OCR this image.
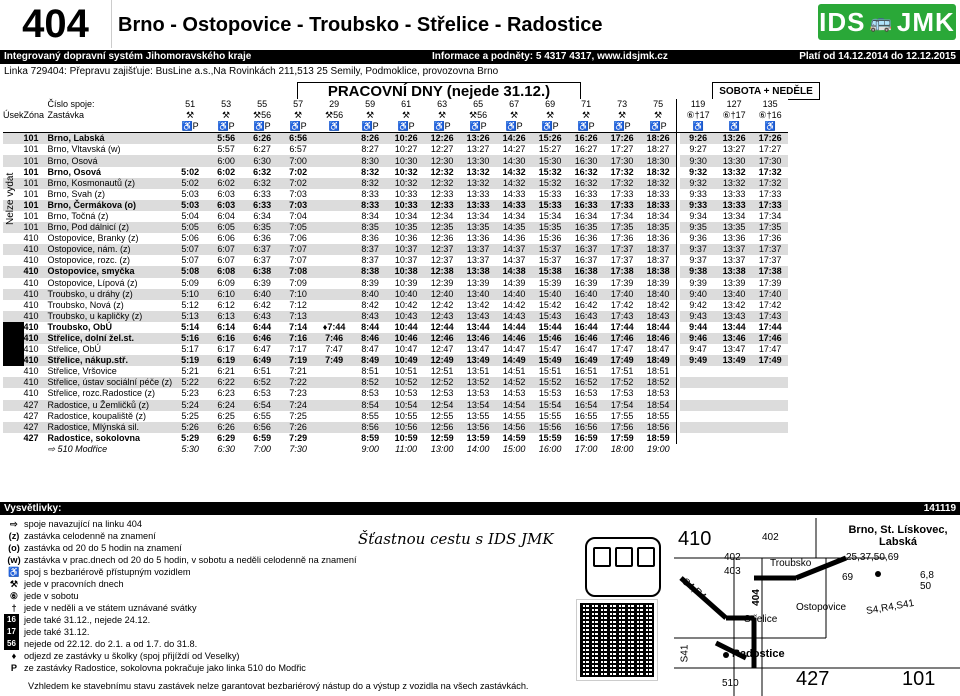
404	Brno - Ostopovice - Troubsko - Střelice - Radostice	IDS 🚌 JMK
Integrovaný dopravní systém Jihomoravského kraje	Informace a podněty: 5 4317 4317, www.idsjmk.cz	Platí od 14.12.2014 do 12.12.2015
Linka 729404: Přepravu zajišťuje: BusLine a.s.,Na Rovinkách 211,513 25 Semily, Podmoklice, provozovna Brno
PRACOVNÍ DNY (nejede 31.12.)	SOBOTA + NEDĚLE
		Číslo spoje:	51	53	55	57	29	59	61	63	65	67	69	71	73	75		119	127	135
Úsek	Zóna	Zastávka	⚒	⚒	⚒56	⚒	⚒56	⚒	⚒	⚒	⚒56	⚒	⚒	⚒	⚒	⚒		⑥†17	⑥†17	⑥†16
			♿P	♿P	♿P	♿P	♿	♿P	♿P	♿P	♿P	♿P	♿P	♿P	♿P	♿P		♿	♿	♿
	101	Brno, Labská		5:56	6:26	6:56		8:26	10:26	12:26	13:26	14:26	15:26	16:26	17:26	18:26		9:26	13:26	17:26
	101	Brno, Vltavská (w)		5:57	6:27	6:57		8:27	10:27	12:27	13:27	14:27	15:27	16:27	17:27	18:27		9:27	13:27	17:27
	101	Brno, Osová		6:00	6:30	7:00		8:30	10:30	12:30	13:30	14:30	15:30	16:30	17:30	18:30		9:30	13:30	17:30
	101	Brno, Osová	5:02	6:02	6:32	7:02		8:32	10:32	12:32	13:32	14:32	15:32	16:32	17:32	18:32		9:32	13:32	17:32
	101	Brno, Kosmonautů (z)	5:02	6:02	6:32	7:02		8:32	10:32	12:32	13:32	14:32	15:32	16:32	17:32	18:32		9:32	13:32	17:32
	101	Brno, Svah (z)	5:03	6:03	6:33	7:03		8:33	10:33	12:33	13:33	14:33	15:33	16:33	17:33	18:33		9:33	13:33	17:33
	101	Brno, Čermákova (o)	5:03	6:03	6:33	7:03		8:33	10:33	12:33	13:33	14:33	15:33	16:33	17:33	18:33		9:33	13:33	17:33
	101	Brno, Točná (z)	5:04	6:04	6:34	7:04		8:34	10:34	12:34	13:34	14:34	15:34	16:34	17:34	18:34		9:34	13:34	17:34
	101	Brno, Pod dálnicí (z)	5:05	6:05	6:35	7:05		8:35	10:35	12:35	13:35	14:35	15:35	16:35	17:35	18:35		9:35	13:35	17:35
	410	Ostopovice, Branky (z)	5:06	6:06	6:36	7:06		8:36	10:36	12:36	13:36	14:36	15:36	16:36	17:36	18:36		9:36	13:36	17:36
	410	Ostopovice, nám. (z)	5:07	6:07	6:37	7:07		8:37	10:37	12:37	13:37	14:37	15:37	16:37	17:37	18:37		9:37	13:37	17:37
	410	Ostopovice, rozc. (z)	5:07	6:07	6:37	7:07		8:37	10:37	12:37	13:37	14:37	15:37	16:37	17:37	18:37		9:37	13:37	17:37
	410	Ostopovice, smyčka	5:08	6:08	6:38	7:08		8:38	10:38	12:38	13:38	14:38	15:38	16:38	17:38	18:38		9:38	13:38	17:38
	410	Ostopovice, Lípová (z)	5:09	6:09	6:39	7:09		8:39	10:39	12:39	13:39	14:39	15:39	16:39	17:39	18:39		9:39	13:39	17:39
	410	Troubsko, u dráhy (z)	5:10	6:10	6:40	7:10		8:40	10:40	12:40	13:40	14:40	15:40	16:40	17:40	18:40		9:40	13:40	17:40
	410	Troubsko, Nová (z)	5:12	6:12	6:42	7:12		8:42	10:42	12:42	13:42	14:42	15:42	16:42	17:42	18:42		9:42	13:42	17:42
	410	Troubsko, u kapličky (z)	5:13	6:13	6:43	7:13		8:43	10:43	12:43	13:43	14:43	15:43	16:43	17:43	18:43		9:43	13:43	17:43
	410	Troubsko, ObÚ	5:14	6:14	6:44	7:14	♦7:44	8:44	10:44	12:44	13:44	14:44	15:44	16:44	17:44	18:44		9:44	13:44	17:44
	410	Střelice, dolní žel.st.	5:16	6:16	6:46	7:16	7:46	8:46	10:46	12:46	13:46	14:46	15:46	16:46	17:46	18:46		9:46	13:46	17:46
	410	Střelice, ObÚ	5:17	6:17	6:47	7:17	7:47	8:47	10:47	12:47	13:47	14:47	15:47	16:47	17:47	18:47		9:47	13:47	17:47
	410	Střelice, nákup.stř.	5:19	6:19	6:49	7:19	7:49	8:49	10:49	12:49	13:49	14:49	15:49	16:49	17:49	18:49		9:49	13:49	17:49
	410	Střelice, Vršovice	5:21	6:21	6:51	7:21		8:51	10:51	12:51	13:51	14:51	15:51	16:51	17:51	18:51				
	410	Střelice, ústav sociální péče (z)	5:22	6:22	6:52	7:22		8:52	10:52	12:52	13:52	14:52	15:52	16:52	17:52	18:52				
	410	Střelice, rozc.Radostice (z)	5:23	6:23	6:53	7:23		8:53	10:53	12:53	13:53	14:53	15:53	16:53	17:53	18:53				
	427	Radostice, u Žemličků (z)	5:24	6:24	6:54	7:24		8:54	10:54	12:54	13:54	14:54	15:54	16:54	17:54	18:54				
	427	Radostice, koupaliště (z)	5:25	6:25	6:55	7:25		8:55	10:55	12:55	13:55	14:55	15:55	16:55	17:55	18:55				
	427	Radostice, Mlýnská sil.	5:26	6:26	6:56	7:26		8:56	10:56	12:56	13:56	14:56	15:56	16:56	17:56	18:56				
	427	Radostice, sokolovna	5:29	6:29	6:59	7:29		8:59	10:59	12:59	13:59	14:59	15:59	16:59	17:59	18:59				
		⇨ 510 Modřice	5:30	6:30	7:00	7:30		9:00	11:00	13:00	14:00	15:00	16:00	17:00	18:00	19:00				
Nelze vydat
Vysvětlivky:	141119
⇨ spoje navazující na linku 404
(z) zastávka celodenně na znamení
(o) zastávka od 20 do 5 hodin na znamení
(w) zastávka v prac.dnech od 20 do 5 hodin, v sobotu a neděli celodenně na znamení
♿ spoj s bezbariérově přístupným vozidlem
⚒ jede v pracovních dnech
⑥ jede v sobotu
† jede v neděli a ve státem uznávané svátky
16 jede také 31.12., nejede 24.12.
17 jede také 31.12.
56 nejede od 22.12. do 2.1. a od 1.7. do 31.8.
♦ odjezd ze zastávky u školky (spoj přijíždí od Veselky)
P ze zastávky Radostice, sokolovna pokračuje jako linka 510 do Modřic
Šťastnou cestu s IDS JMK	410	402
402
403
Troubsko
Brno, St. Lískovec, Labská
25,37,50,69
69	6,8
50
S4,R4	404
Ostopovice S4,R4,S41
Střelice
S41	Radostice
510	427	101
Vzhledem ke stavebnímu stavu zastávek nelze garantovat bezbariérový nástup do a výstup z vozidla na všech zastávkách.
